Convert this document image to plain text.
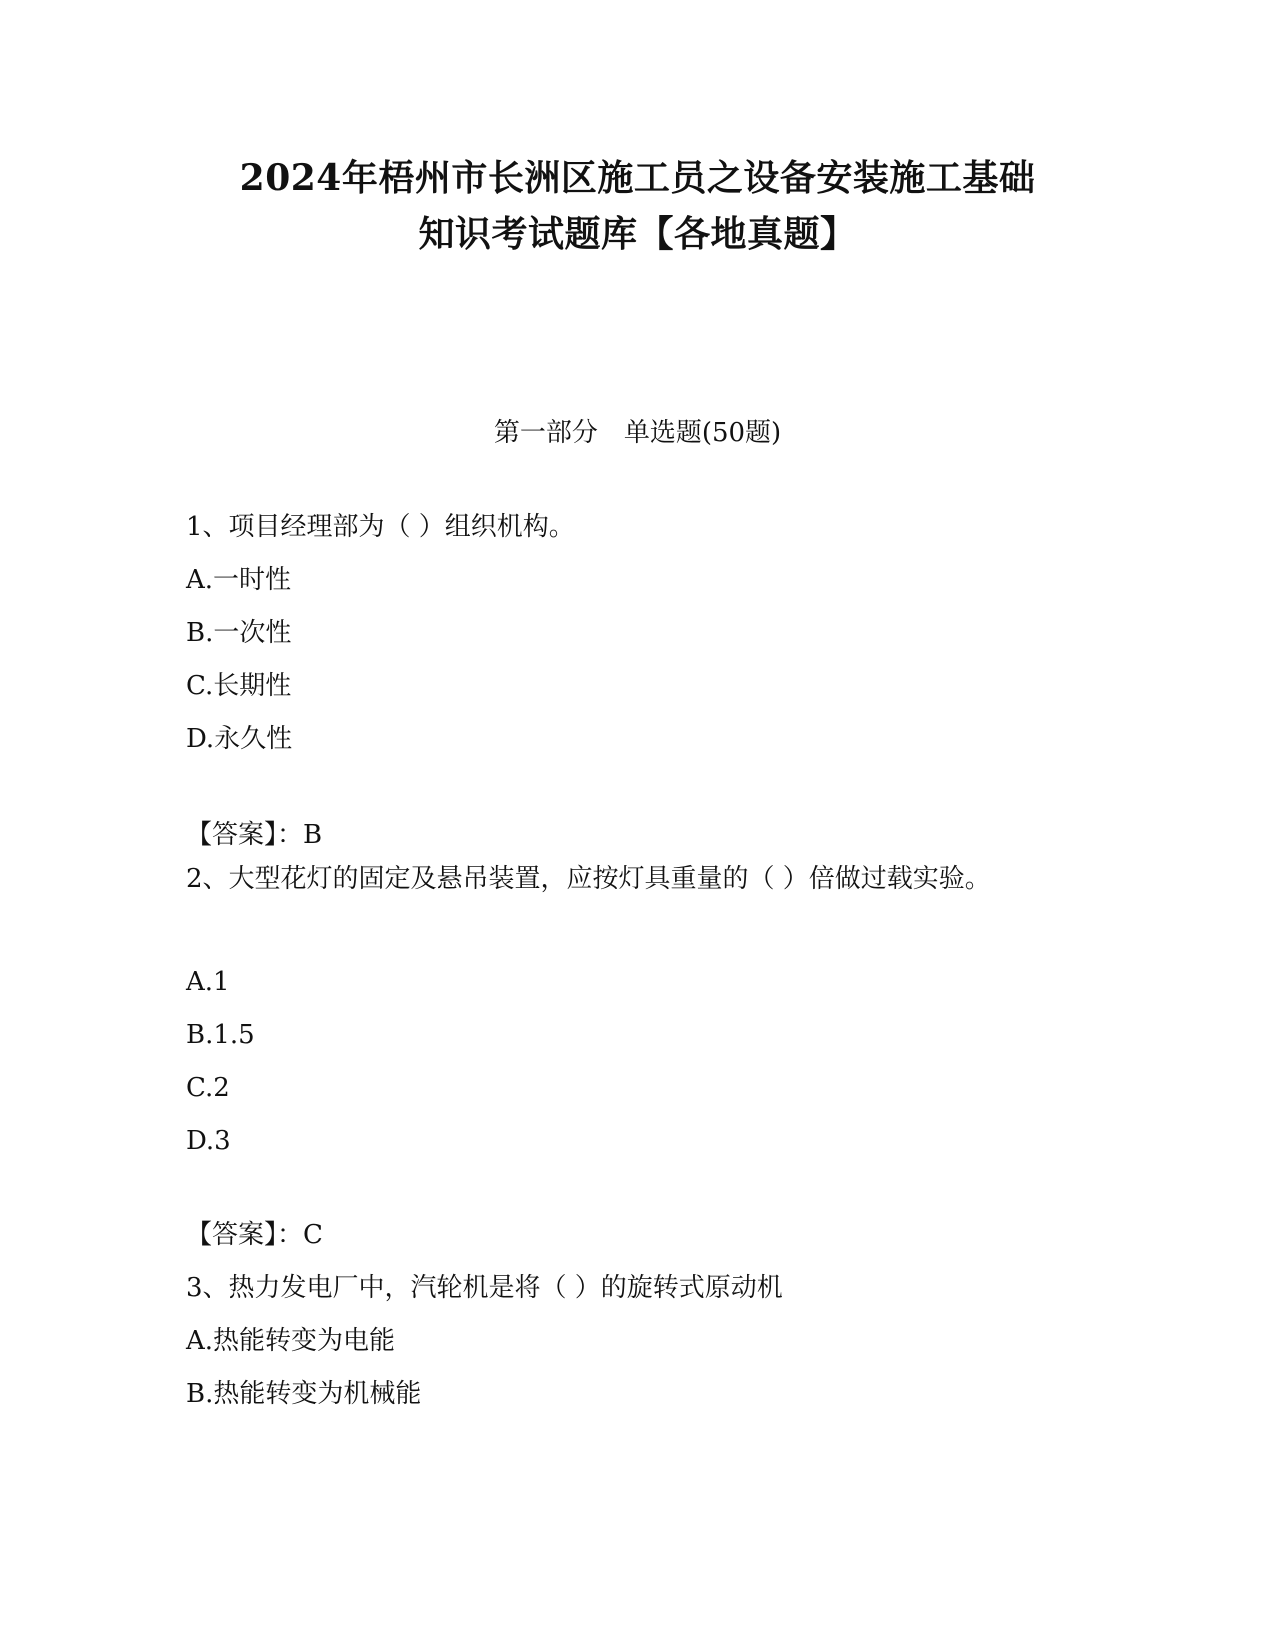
2024年梧州市长洲区施工员之设备安装施工基础
知识考试题库【各地真题】
第一部分　单选题(50题)
1、项目经理部为（ ）组织机构。
A.一时性
B.一次性
C.长期性
D.永久性
【答案】：B
2、大型花灯的固定及悬吊装置，应按灯具重量的（ ）倍做过载实验。
A.1
B.1.5
C.2
D.3
【答案】：C
3、热力发电厂中，汽轮机是将（ ）的旋转式原动机
A.热能转变为电能
B.热能转变为机械能
